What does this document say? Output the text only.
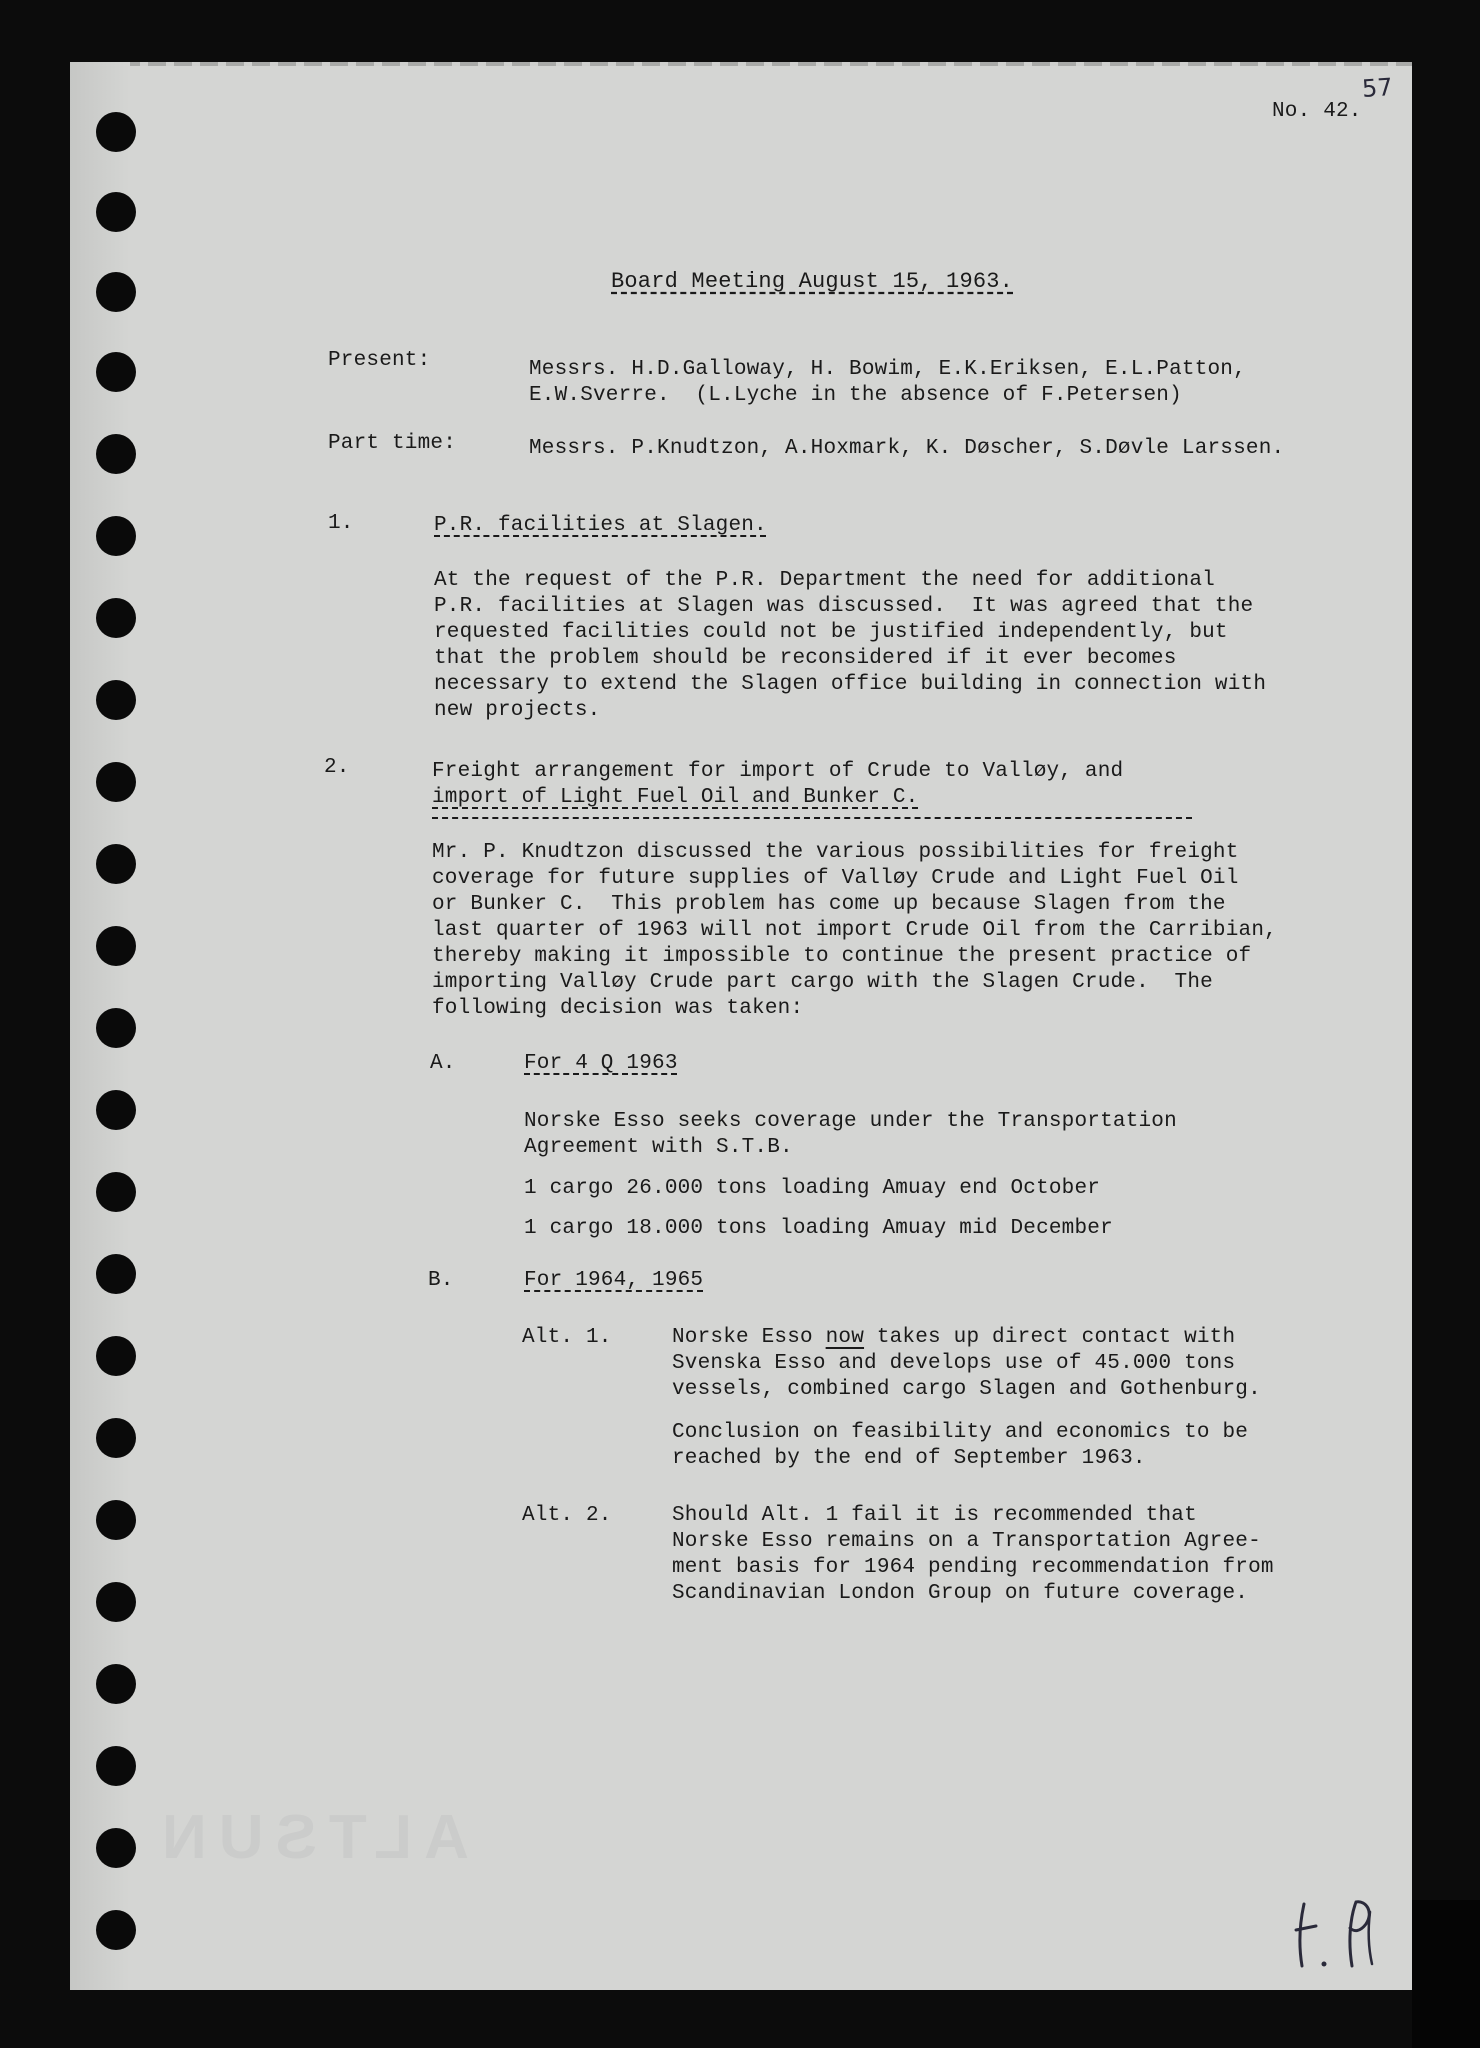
ALTSUN
57
No. 42.
Board Meeting August 15, 1963.
Present:	Messrs. H.D.Galloway, H. Bowim, E.K.Eriksen, E.L.Patton,
E.W.Sverre.  (L.Lyche in the absence of F.Petersen)
Part time:	Messrs. P.Knudtzon, A.Hoxmark, K. Døscher, S.Døvle Larssen.
1.	P.R. facilities at Slagen.
At the request of the P.R. Department the need for additional
P.R. facilities at Slagen was discussed.  It was agreed that the
requested facilities could not be justified independently, but
that the problem should be reconsidered if it ever becomes
necessary to extend the Slagen office building in connection with
new projects.
2.	Freight arrangement for import of Crude to Valløy, and
import of Light Fuel Oil and Bunker C.
Mr. P. Knudtzon discussed the various possibilities for freight
coverage for future supplies of Valløy Crude and Light Fuel Oil
or Bunker C.  This problem has come up because Slagen from the
last quarter of 1963 will not import Crude Oil from the Carribian,
thereby making it impossible to continue the present practice of
importing Valløy Crude part cargo with the Slagen Crude.  The
following decision was taken:
A.	For 4 Q 1963
Norske Esso seeks coverage under the Transportation
Agreement with S.T.B.
1 cargo 26.000 tons loading Amuay end October
1 cargo 18.000 tons loading Amuay mid December
B.	For 1964, 1965
Alt. 1.	Norske Esso now takes up direct contact with
Svenska Esso and develops use of 45.000 tons
vessels, combined cargo Slagen and Gothenburg.
Conclusion on feasibility and economics to be
reached by the end of September 1963.
Alt. 2.	Should Alt. 1 fail it is recommended that
Norske Esso remains on a Transportation Agree-
ment basis for 1964 pending recommendation from
Scandinavian London Group on future coverage.
